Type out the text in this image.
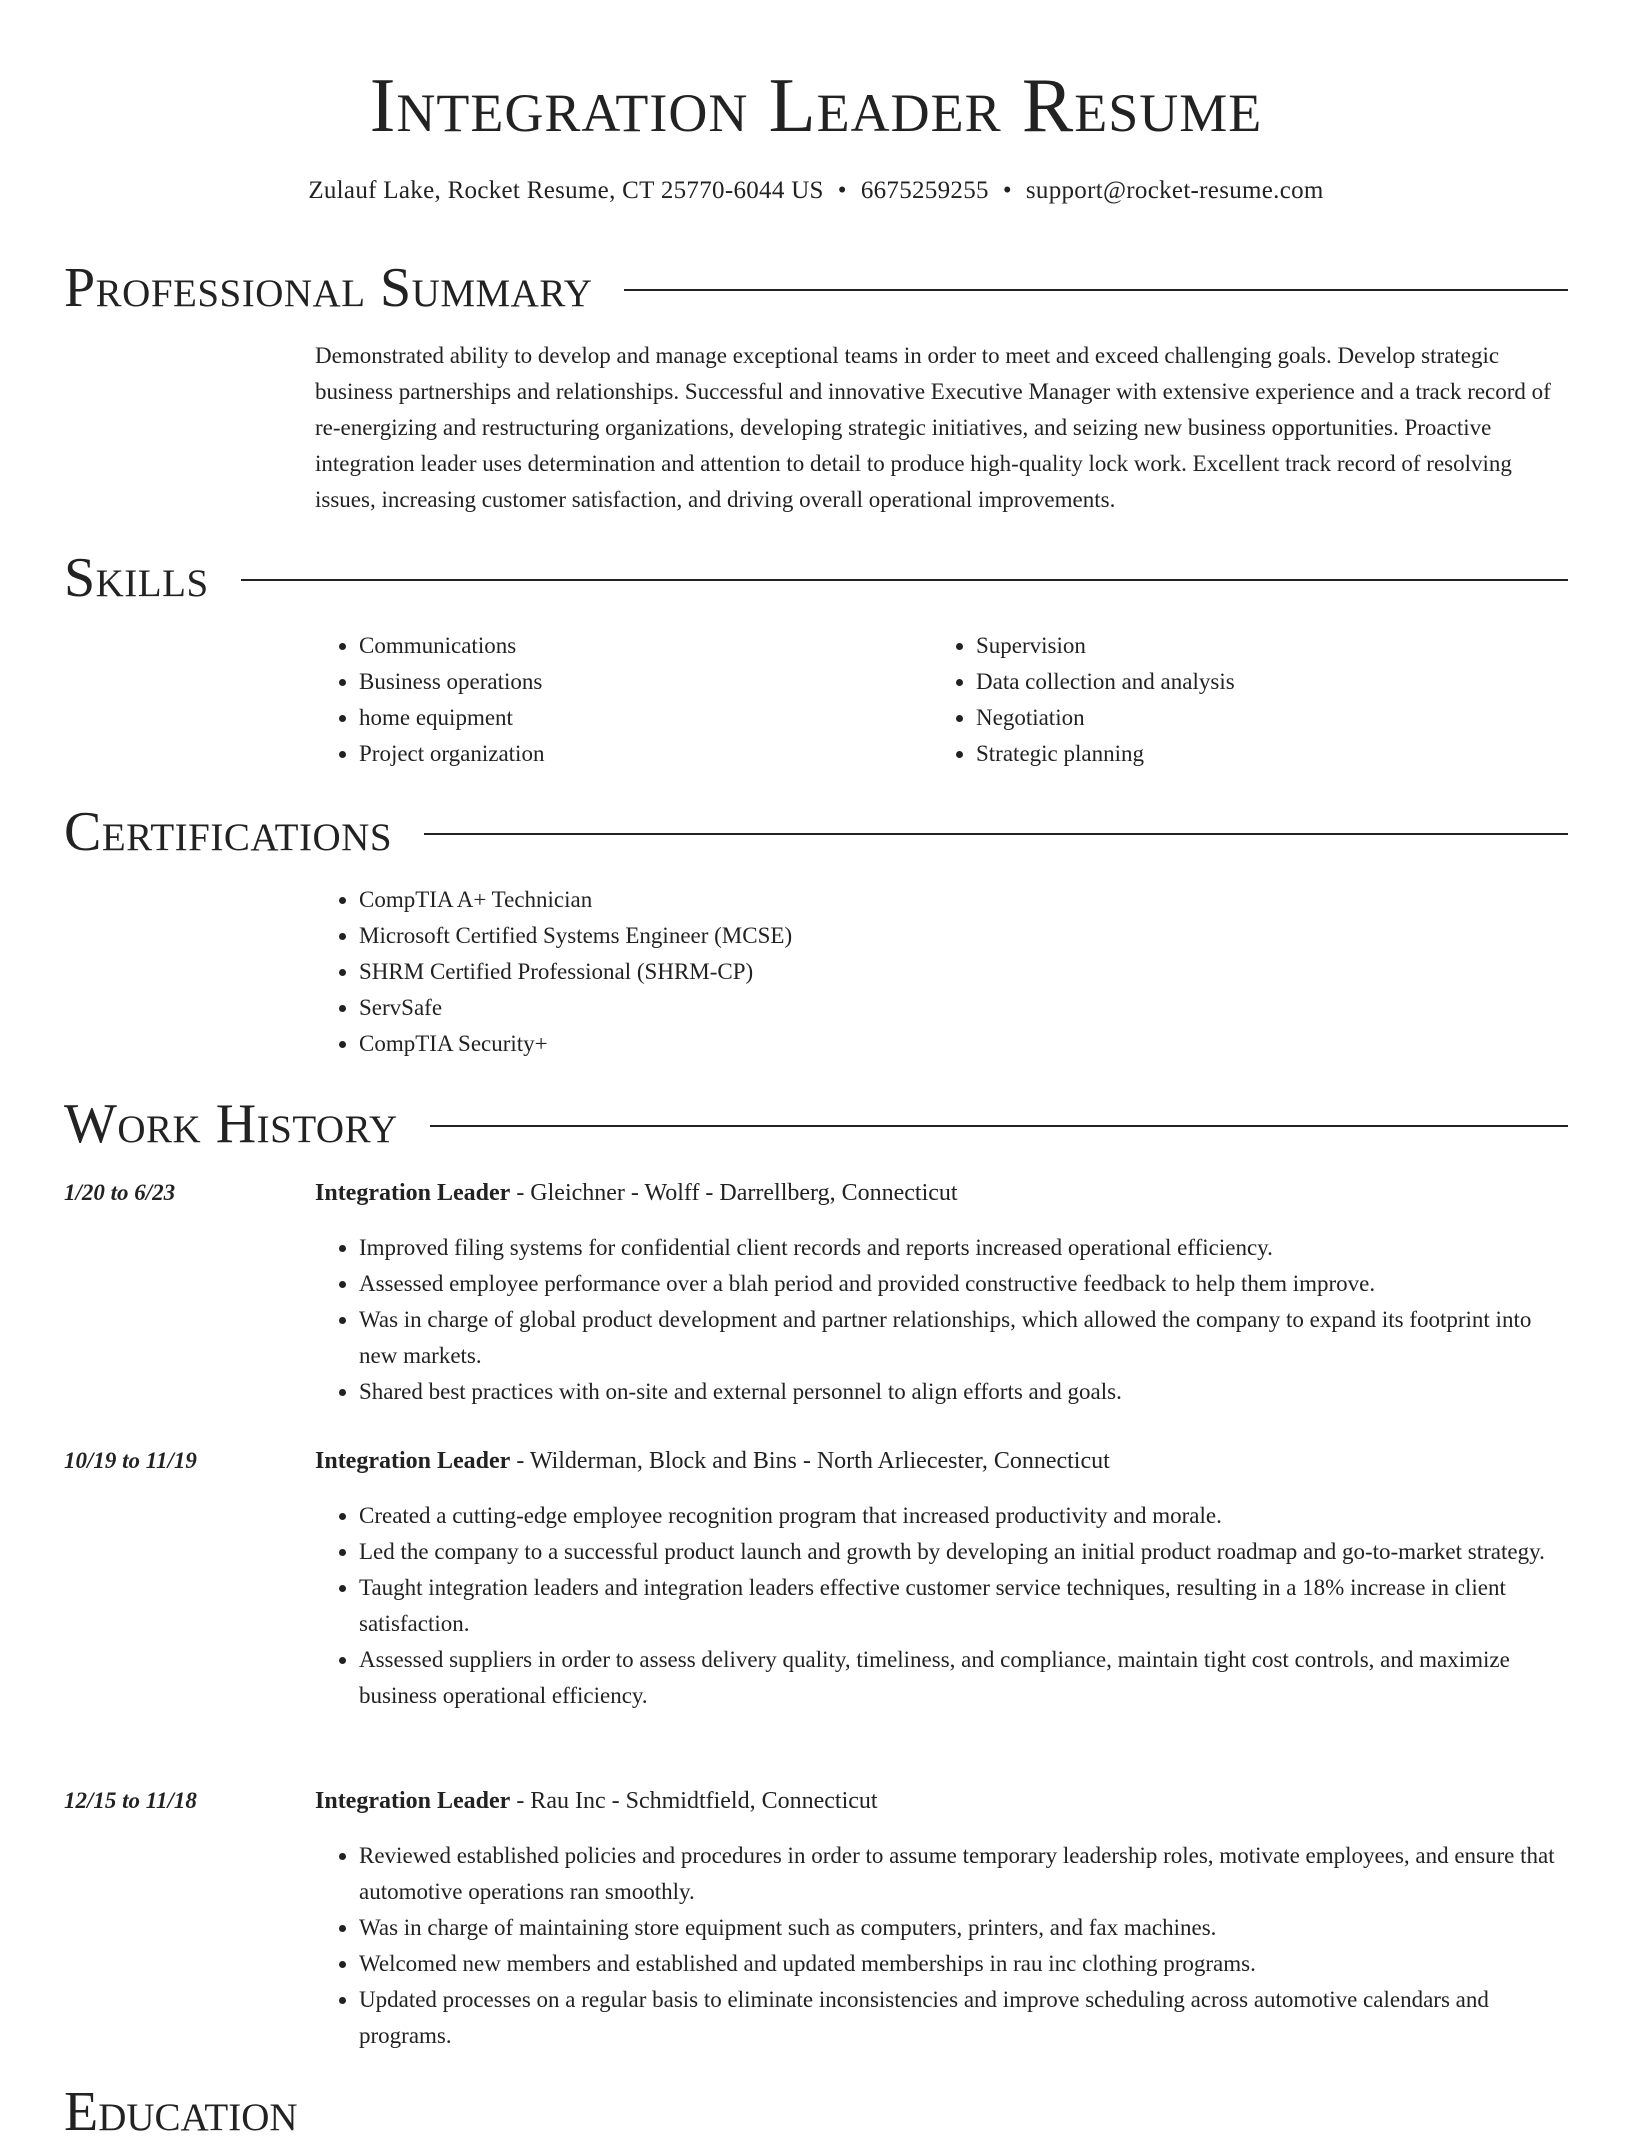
Integration Leader Resume
Zulauf Lake, Rocket Resume, CT 25770-6044 US • 6675259255 • support@rocket-resume.com
Professional Summary
Demonstrated ability to develop and manage exceptional teams in order to meet and exceed challenging goals. Develop strategic business partnerships and relationships. Successful and innovative Executive Manager with extensive experience and a track record of re-energizing and restructuring organizations, developing strategic initiatives, and seizing new business opportunities. Proactive integration leader uses determination and attention to detail to produce high-quality lock work. Excellent track record of resolving issues, increasing customer satisfaction, and driving overall operational improvements.
Skills
• Communications
• Business operations
• home equipment
• Project organization
• Supervision
• Data collection and analysis
• Negotiation
• Strategic planning
Certifications
• CompTIA A+ Technician
• Microsoft Certified Systems Engineer (MCSE)
• SHRM Certified Professional (SHRM-CP)
• ServSafe
• CompTIA Security+
Work History
1/20 to 6/23	Integration Leader - Gleichner - Wolff - Darrellberg, Connecticut
• Improved filing systems for confidential client records and reports increased operational efficiency.
• Assessed employee performance over a blah period and provided constructive feedback to help them improve.
• Was in charge of global product development and partner relationships, which allowed the company to expand its footprint into new markets.
• Shared best practices with on-site and external personnel to align efforts and goals.
10/19 to 11/19	Integration Leader - Wilderman, Block and Bins - North Arliecester, Connecticut
• Created a cutting-edge employee recognition program that increased productivity and morale.
• Led the company to a successful product launch and growth by developing an initial product roadmap and go-to-market strategy.
• Taught integration leaders and integration leaders effective customer service techniques, resulting in a 18% increase in client satisfaction.
• Assessed suppliers in order to assess delivery quality, timeliness, and compliance, maintain tight cost controls, and maximize business operational efficiency.
12/15 to 11/18	Integration Leader - Rau Inc - Schmidtfield, Connecticut
• Reviewed established policies and procedures in order to assume temporary leadership roles, motivate employees, and ensure that automotive operations ran smoothly.
• Was in charge of maintaining store equipment such as computers, printers, and fax machines.
• Welcomed new members and established and updated memberships in rau inc clothing programs.
• Updated processes on a regular basis to eliminate inconsistencies and improve scheduling across automotive calendars and programs.
Education
